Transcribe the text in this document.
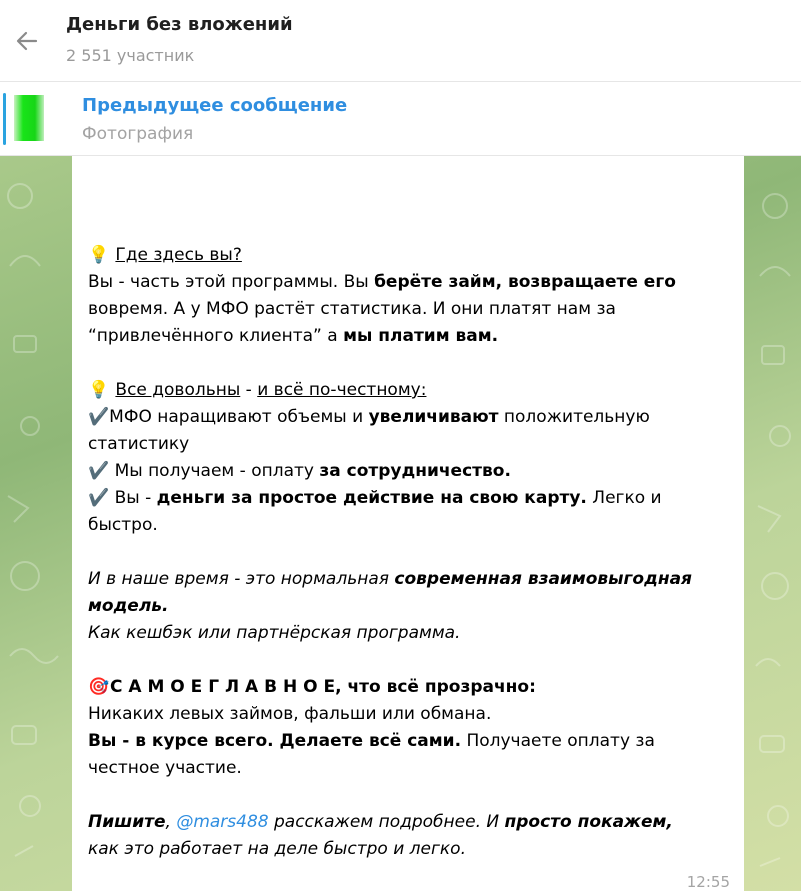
Деньги без вложений
2 551 участник
Предыдущее сообщение
Фотография

💡 Где здесь вы?

Вы - часть этой программы. Вы берёте займ, возвращаете его

вовремя. А у МФО растёт статистика. И они платят нам за

“привлечённого клиента” а мы платим вам.

💡 Все довольны - и всё по-честному:

✔️МФО наращивают объемы и увеличивают положительную

статистику

✔️ Мы получаем - оплату за сотрудничество.

✔️ Вы - деньги за простое действие на свою карту. Легко и

быстро.

И в наше время - это нормальная современная взаимовыгодная

модель.

Как кешбэк или партнёрская программа.

🎯С А М О Е Г Л А В Н О Е, что всё прозрачно:

Никаких левых займов, фальши или обмана.

Вы - в курсе всего. Делаете всё сами. Получаете оплату за

честное участие.

Пишите, @mars488 расскажем подробнее. И просто покажем,

как это работает на деле быстро и легко.

12:55
